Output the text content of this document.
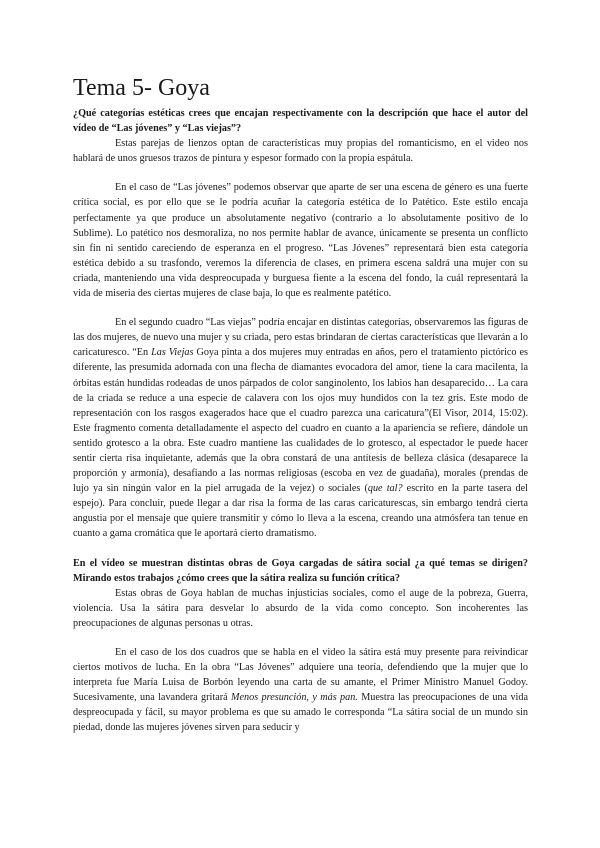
Tema 5- Goya
¿Qué categorías estéticas crees que encajan respectivamente con la descripción que hace el autor del vídeo de “Las jóvenes” y “Las viejas”?

Estas parejas de lienzos optan de características muy propias del romanticismo, en el video nos hablará de unos gruesos trazos de pintura y espesor formado con la propia espátula.

En el caso de “Las jóvenes” podemos observar que aparte de ser una escena de género es una fuerte crítica social, es por ello que se le podría acuñar la categoría estética de lo Patético. Este estilo encaja perfectamente ya que produce un absolutamente negativo (contrario a lo absolutamente positivo de lo Sublime). Lo patético nos desmoraliza, no nos permite hablar de avance, únicamente se presenta un conflicto sin fin ni sentido careciendo de esperanza en el progreso. “Las Jóvenes” representará bien esta categoría estética debido a su trasfondo, veremos la diferencia de clases, en primera escena saldrá una mujer con su criada, manteniendo una vida despreocupada y burguesa fiente a la escena del fondo, la cuál representará la vida de miseria des ciertas mujeres de clase baja, lo que es realmente patético.

En el segundo cuadro “Las viejas” podría encajar en distintas categorías, observaremos las figuras de las dos mujeres, de nuevo una mujer y su criada, pero estas brindaran de ciertas características que llevarán a lo caricaturesco. “En Las Viejas Goya pinta a dos mujeres muy entradas en años, pero el tratamiento pictórico es diferente, las presumida adornada con una flecha de diamantes evocadora del amor, tiene la cara macilenta, la órbitas están hundidas rodeadas de unos párpados de color sanginolento, los labios han desaparecido… La cara de la criada se reduce a una especie de calavera con los ojos muy hundidos con la tez gris. Este modo de representación con los rasgos exagerados hace que el cuadro parezca una caricatura”(El Visor, 2014, 15:02). Este fragmento comenta detalladamente el aspecto del cuadro en cuanto a la apariencia se refiere, dándole un sentido grotesco a la obra. Este cuadro mantiene las cualidades de lo grotesco, al espectador le puede hacer sentir cierta risa inquietante, además que la obra constará de una antítesis de belleza clásica (desaparece la proporción y armonía), desafiando a las normas religiosas (escoba en vez de guadaña), morales (prendas de lujo ya sin ningún valor en la piel arrugada de la vejez) o sociales (que tal? escrito en la parte tasera del espejo). Para concluir, puede llegar a dar risa la forma de las caras caricaturescas, sin embargo tendrá cierta angustia por el mensaje que quiere transmitir y cómo lo lleva a la escena, creando una atmósfera tan tenue en cuanto a gama cromática que le aportará cierto dramatismo.

En el vídeo se muestran distintas obras de Goya cargadas de sátira social ¿a qué temas se dirigen? Mirando estos trabajos ¿cómo crees que la sátira realiza su función crítica?

Estas obras de Goya hablan de muchas injusticias sociales, como el auge de la pobreza, Guerra, violencia. Usa la sátira para desvelar lo absurdo de la vida como concepto. Son incoherentes las preocupaciones de algunas personas u otras.

En el caso de los dos cuadros que se habla en el video la sátira está muy presente para reivindicar ciertos motivos de lucha. En la obra “Las Jóvenes” adquiere una teoría, defendiendo que la mujer que lo interpreta fue María Luisa de Borbón leyendo una carta de su amante, el Primer Ministro Manuel Godoy. Sucesivamente, una lavandera gritará Menos presunción, y más pan. Muestra las preocupaciones de una vida despreocupada y fácil, su mayor problema es que su amado le corresponda “La sátira social de un mundo sin piedad, donde las mujeres jóvenes sirven para seducir y
